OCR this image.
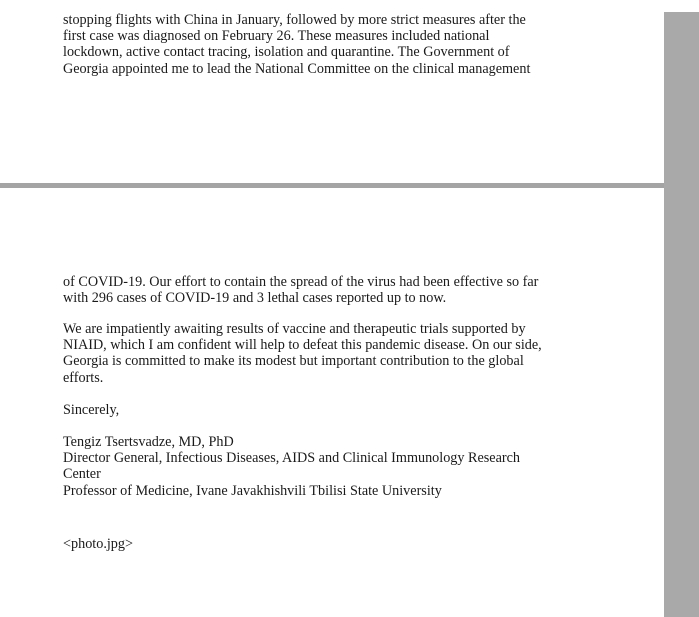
stopping flights with China in January, followed by more strict measures after the
first case was diagnosed on February 26. These measures included national
lockdown, active contact tracing, isolation and quarantine. The Government of
Georgia appointed me to lead the National Committee on the clinical management
of COVID-19. Our effort to contain the spread of the virus had been effective so far
with 296 cases of COVID-19 and 3 lethal cases reported up to now.
We are impatiently awaiting results of vaccine and therapeutic trials supported by
NIAID, which I am confident will help to defeat this pandemic disease. On our side,
Georgia is committed to make its modest but important contribution to the global
efforts.
Sincerely,
Tengiz Tsertsvadze, MD, PhD
Director General, Infectious Diseases, AIDS and Clinical Immunology Research
Center
Professor of Medicine, Ivane Javakhishvili Tbilisi State University
<photo.jpg>
